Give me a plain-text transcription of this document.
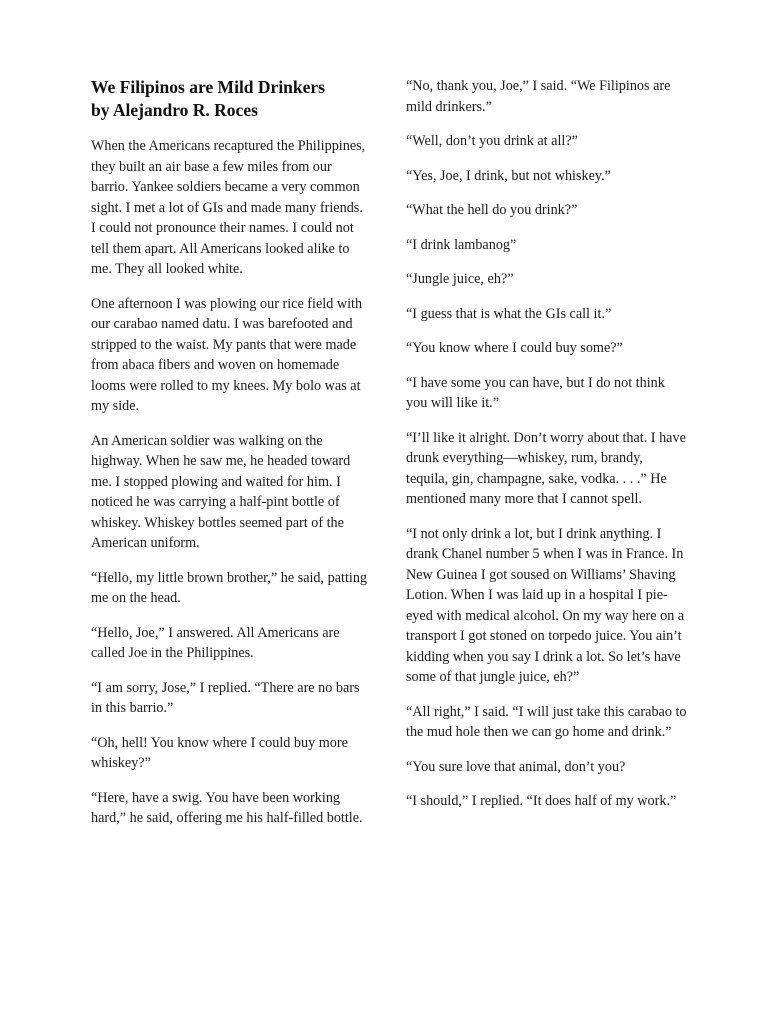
We Filipinos are Mild Drinkers
by Alejandro R. Roces

When the Americans recaptured the Philippines, they built an air base a few miles from our barrio. Yankee soldiers became a very common sight. I met a lot of GIs and made many friends. I could not pronounce their names. I could not tell them apart. All Americans looked alike to me. They all looked white.

One afternoon I was plowing our rice field with our carabao named datu. I was barefooted and stripped to the waist. My pants that were made from abaca fibers and woven on homemade looms were rolled to my knees. My bolo was at my side.

An American soldier was walking on the highway. When he saw me, he headed toward me. I stopped plowing and waited for him. I noticed he was carrying a half-pint bottle of whiskey. Whiskey bottles seemed part of the American uniform.

“Hello, my little brown brother,” he said, patting me on the head.

“Hello, Joe,” I answered. All Americans are called Joe in the Philippines.

“I am sorry, Jose,” I replied. “There are no bars in this barrio.”

“Oh, hell! You know where I could buy more whiskey?”

“Here, have a swig. You have been working hard,” he said, offering me his half-filled bottle.

“No, thank you, Joe,” I said. “We Filipinos are mild drinkers.”

“Well, don’t you drink at all?”

“Yes, Joe, I drink, but not whiskey.”

“What the hell do you drink?”

“I drink lambanog”

“Jungle juice, eh?”

“I guess that is what the GIs call it.”

“You know where I could buy some?”

“I have some you can have, but I do not think you will like it.”

“I’ll like it alright. Don’t worry about that. I have drunk everything—whiskey, rum, brandy, tequila, gin, champagne, sake, vodka. . . .” He mentioned many more that I cannot spell.

“I not only drink a lot, but I drink anything. I drank Chanel number 5 when I was in France. In New Guinea I got soused on Williams’ Shaving Lotion. When I was laid up in a hospital I pie-eyed with medical alcohol. On my way here on a transport I got stoned on torpedo juice. You ain’t kidding when you say I drink a lot. So let’s have some of that jungle juice, eh?”

“All right,” I said. “I will just take this carabao to the mud hole then we can go home and drink.”

“You sure love that animal, don’t you?

“I should,” I replied. “It does half of my work.”
